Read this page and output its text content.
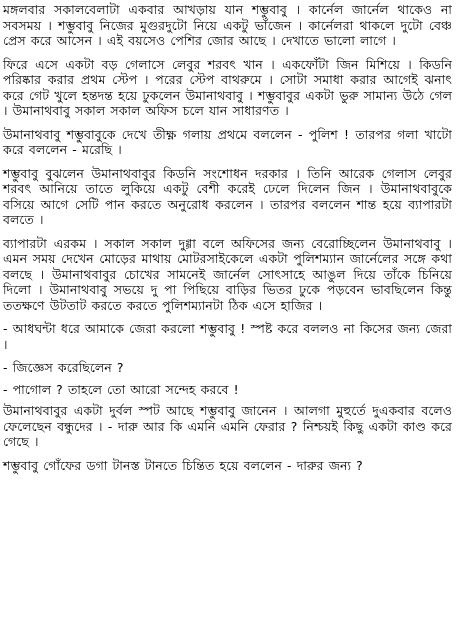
মঙ্গলবার সকালবেলাটা একবার আখড়ায় যান শম্ভুবাবু । কার্নেল জার্নেল থাকেও না সবসময় । শম্ভুবাবু নিজের মুগুরদুটো নিয়ে একটু ভাঁজেন । কার্নেলরা থাকলে দুটো বেঞ্চ প্রেস করে আসেন । এই বয়সেও পেশির জোর আছে । দেখাতে ভালো লাগে ।

ফিরে এসে একটা বড় গেলাসে লেবুর শরবৎ খান । একফোঁটা জিন মিশিয়ে । কিডনি পরিষ্কার করার প্রথম স্টেপ । পরের স্টেপ বাথরুমে । সোটা সমাধা করার আগেই ঝনাৎ করে গেট খুলে হন্তদন্ত হয়ে ঢুকলেন উমানাথবাবু । শম্ভুবাবুর একটা ভুরু সামান্য উঠে গেল । উমানাথবাবু সকাল সকাল অফিস চলে যান সাধারণত ।

উমানাথবাবু শম্ভুবাবুকে দেখে তীক্ষ্ণ গলায় প্রথমে বললেন - পুলিশ ! তারপর গলা খাটো করে বললেন - মরেছি ।

শম্ভুবাবু বুঝলেন উমানাথবাবুর কিডনি সংশোধন দরকার । তিনি আরেক গেলাস লেবুর শরবৎ আনিয়ে তাতে লুকিয়ে একটু বেশী করেই ঢেলে দিলেন জিন । উমানাথবাবুকে বসিয়ে আগে সেটি পান করতে অনুরোধ করলেন । তারপর বললেন শান্ত হয়ে ব্যাপারটা বলতে ।

ব্যাপারটা এরকম । সকাল সকাল দুগ্গা বলে অফিসের জন্য বেরোচ্ছিলেন উমানাথবাবু । এমন সময় দেখেন মোড়ের মাথায় মোটরসাইকেলে একটা পুলিশম্যান জার্নেলের সঙ্গে কথা বলছে । উমানাথবাবুর চোখের সামনেই জার্নেল সোৎসাহে আঙুল দিয়ে তাঁকে চিনিয়ে দিলো । উমানাথবাবু সভয়ে দু পা পিছিয়ে বাড়ির ভিতর ঢুকে পড়বেন ভাবছিলেন কিন্তু ততক্ষণে উটতাট করতে করতে পুলিশম্যানটা ঠিক এসে হাজির ।

- আধঘন্টা ধরে আমাকে জেরা করলো শম্ভুবাবু ! স্পষ্ট করে বললও না কিসের জন্য জেরা ।

- জিজ্ঞেস করেছিলেন ?

- পাগোল ? তাহলে তো আরো সন্দেহ করবে !

উমানাথবাবুর একটা দুর্বল স্পট আছে শম্ভুবাবু জানেন । আলগা মুহুর্তে দুএকবার বলেও ফেলেছেন বন্ধুদের । - দারু আর কি এমনি এমনি ফেরার ? নিশ্চয়ই কিছু একটা কাণ্ড করে গেছে ।

শম্ভুবাবু গোঁফের ডগা টানস্ত টানতে চিন্তিত হয়ে বললেন - দারুর জন্য ?
